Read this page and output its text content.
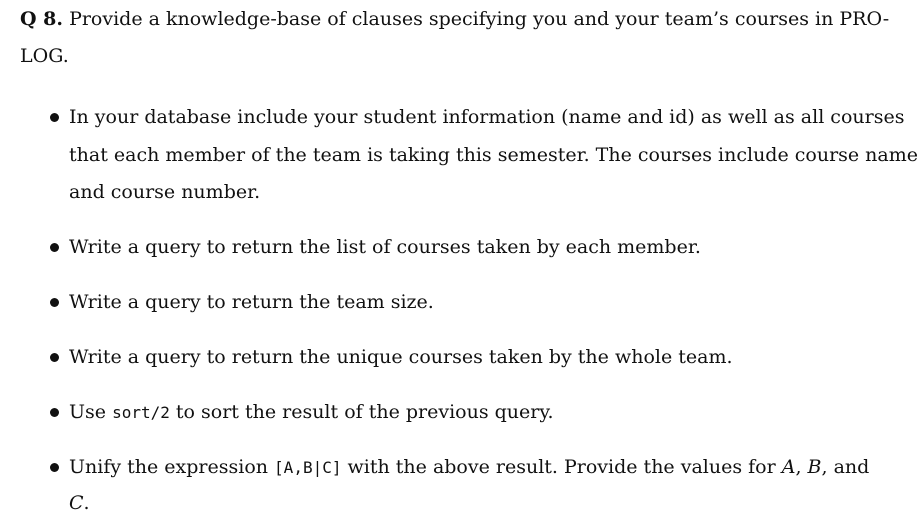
Q 8. Provide a knowledge-base of clauses specifying you and your team’s courses in PRO-
LOG.
In your database include your student information (name and id) as well as all courses
that each member of the team is taking this semester. The courses include course name
and course number.
Write a query to return the list of courses taken by each member.
Write a query to return the team size.
Write a query to return the unique courses taken by the whole team.
Use sort/2 to sort the result of the previous query.
Unify the expression [A,B|C] with the above result. Provide the values for A, B, and
C.
